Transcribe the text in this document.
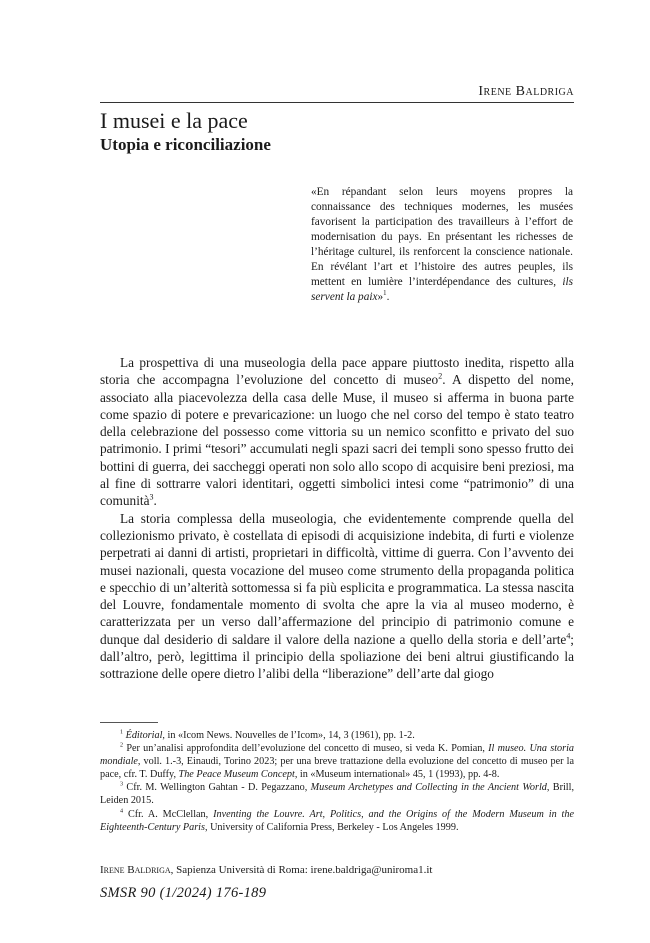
Irene Baldriga
I musei e la pace
Utopia e riconciliazione

«En répandant selon leurs moyens propres la connaissance des techniques modernes, les musées favorisent la participation des travailleurs à l’effort de modernisation du pays. En présentant les richesses de l’héritage culturel, ils renforcent la conscience nationale. En révélant l’art et l’histoire des autres peuples, ils mettent en lumière l’interdépendance des cultures, ils servent la paix»$^1$.

La prospettiva di una museologia della pace appare piuttosto inedita, rispetto alla storia che accompagna l’evoluzione del concetto di museo$^2$. A dispetto del nome, associato alla piacevolezza della casa delle Muse, il museo si afferma in buona parte come spazio di potere e prevaricazione: un luogo che nel corso del tempo è stato teatro della celebrazione del possesso come vittoria su un nemico sconfitto e privato del suo patrimonio. I primi “tesori” accumulati negli spazi sacri dei templi sono spesso frutto dei bottini di guerra, dei saccheggi operati non solo allo scopo di acquisire beni preziosi, ma al fine di sottrarre valori identitari, oggetti simbolici intesi come “patrimonio” di una comunità$^3$.

La storia complessa della museologia, che evidentemente comprende quella del collezionismo privato, è costellata di episodi di acquisizione indebita, di furti e violenze perpetrati ai danni di artisti, proprietari in difficoltà, vittime di guerra. Con l’avvento dei musei nazionali, questa vocazione del museo come strumento della propaganda politica e specchio di un’alterità sottomessa si fa più esplicita e programmatica. La stessa nascita del Louvre, fondamentale momento di svolta che apre la via al museo moderno, è caratterizzata per un verso dall’affermazione del principio di patrimonio comune e dunque dal desiderio di saldare il valore della nazione a quello della storia e dell’arte$^4$; dall’altro, però, legittima il principio della spoliazione dei beni altrui giustificando la sottrazione delle opere dietro l’alibi della “liberazione” dell’arte dal giogo

$^1$ Éditorial, in «Icom News. Nouvelles de l’Icom», 14, 3 (1961), pp. 1-2.

$^2$ Per un’analisi approfondita dell’evoluzione del concetto di museo, si veda K. Pomian, Il museo. Una storia mondiale, voll. 1.-3, Einaudi, Torino 2023; per una breve trattazione della evoluzione del concetto di museo per la pace, cfr. T. Duffy, The Peace Museum Concept, in «Museum international» 45, 1 (1993), pp. 4-8.

$^3$ Cfr. M. Wellington Gahtan - D. Pegazzano, Museum Archetypes and Collecting in the Ancient World, Brill, Leiden 2015.

$^4$ Cfr. A. McClellan, Inventing the Louvre. Art, Politics, and the Origins of the Modern Museum in the Eighteenth-Century Paris, University of California Press, Berkeley - Los Angeles 1999.

Irene Baldriga, Sapienza Università di Roma: irene.baldriga@uniroma1.it
SMSR 90 (1/2024) 176-189
